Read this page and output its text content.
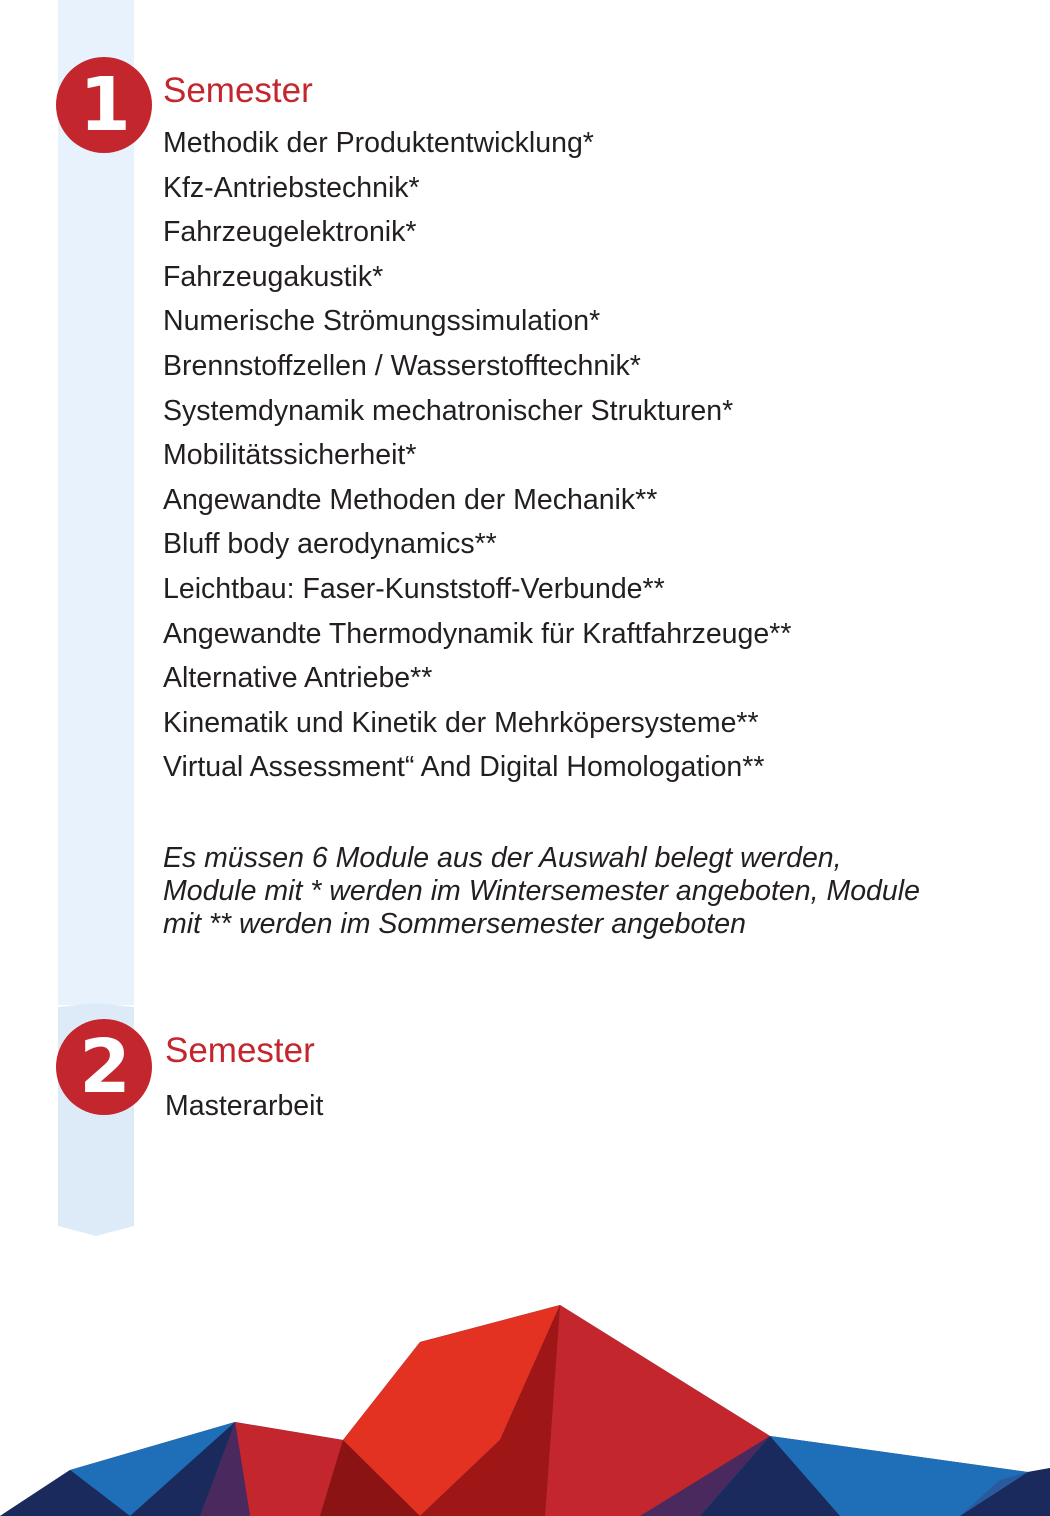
1 Semester
Methodik der Produktentwicklung*
Kfz-Antriebstechnik*
Fahrzeugelektronik*
Fahrzeugakustik*
Numerische Strömungssimulation*
Brennstoffzellen / Wasserstofftechnik*
Systemdynamik mechatronischer Strukturen*
Mobilitätssicherheit*
Angewandte Methoden der Mechanik**
Bluff body aerodynamics**
Leichtbau: Faser-Kunststoff-Verbunde**
Angewandte Thermodynamik für Kraftfahrzeuge**
Alternative Antriebe**
Kinematik und Kinetik der Mehrköpersysteme**
Virtual Assessment“ And Digital Homologation**

Es müssen 6 Module aus der Auswahl belegt werden, Module mit * werden im Wintersemester angeboten, Module mit ** werden im Sommersemester angeboten

2	Semester

Masterarbeit
